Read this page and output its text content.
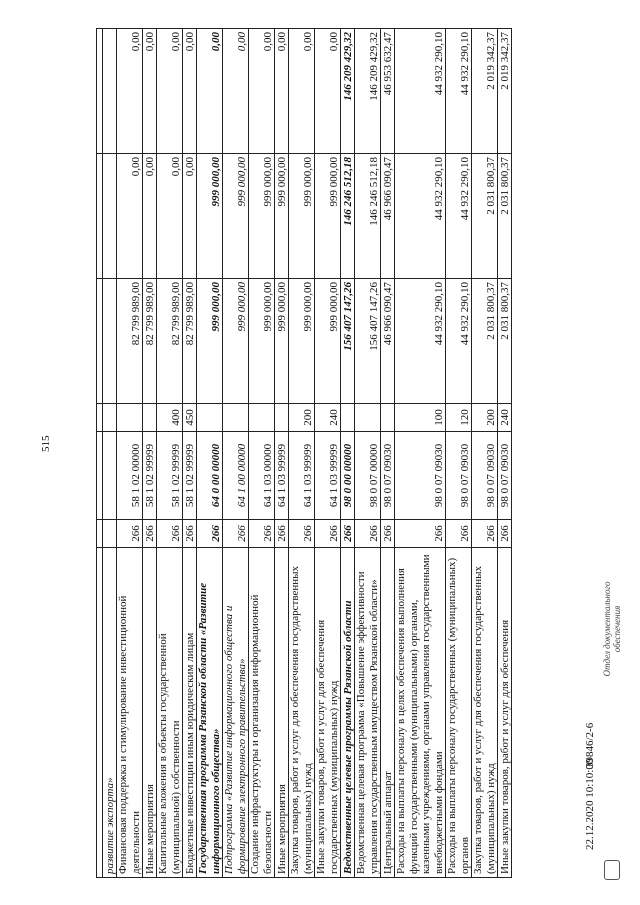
515

развитие экспорта»						
Финансовая поддержка и стимулирование инвестиционной деятельности	266	58 1 02 00000		82 799 989,00	0,00	0,00
Иные мероприятия	266	58 1 02 99999		82 799 989,00	0,00	0,00
Капитальные вложения в объекты государственной (муниципальной) собственности	266	58 1 02 99999	400	82 799 989,00	0,00	0,00
Бюджетные инвестиции иным юридическим лицам	266	58 1 02 99999	450	82 799 989,00	0,00	0,00
Государственная программа Рязанской области «Развитие информационного общества»	266	64 0 00 00000		999 000,00	999 000,00	0,00
Подпрограмма «Развитие информационного общества и формирование электронного правительства»	266	64 1 00 00000		999 000,00	999 000,00	0,00
Создание инфраструктуры и организация информационной безопасности	266	64 1 03 00000		999 000,00	999 000,00	0,00
Иные мероприятия	266	64 1 03 99999		999 000,00	999 000,00	0,00
Закупка товаров, работ и услуг для обеспечения государственных (муниципальных) нужд	266	64 1 03 99999	200	999 000,00	999 000,00	0,00
Иные закупки товаров, работ и услуг для обеспечения государственных (муниципальных) нужд	266	64 1 03 99999	240	999 000,00	999 000,00	0,00
Ведомственные целевые программы Рязанской области	266	98 0 00 00000		156 407 147,26	146 246 512,18	146 209 429,32
Ведомственная целевая программа «Повышение эффективности управления государственным имуществом Рязанской области»	266	98 0 07 00000		156 407 147,26	146 246 512,18	146 209 429,32
Центральный аппарат	266	98 0 07 09030		46 966 090,47	46 966 090,47	46 953 632,47
Расходы на выплаты персоналу в целях обеспечения выполнения функций государственными (муниципальными) органами, казенными учреждениями, органами управления государственными внебюджетными фондами	266	98 0 07 09030	100	44 932 290,10	44 932 290,10	44 932 290,10
Расходы на выплаты персоналу государственных (муниципальных) органов	266	98 0 07 09030	120	44 932 290,10	44 932 290,10	44 932 290,10
Закупка товаров, работ и услуг для обеспечения государственных (муниципальных) нужд	266	98 0 07 09030	200	2 031 800,37	2 031 800,37	2 019 342,37
Иные закупки товаров, работ и услуг для обеспечения	266	98 0 07 09030	240	2 031 800,37	2 031 800,37	2 019 342,37
22.12.2020 10:10:00
39846/2-6
Отдел документального обеспечения
